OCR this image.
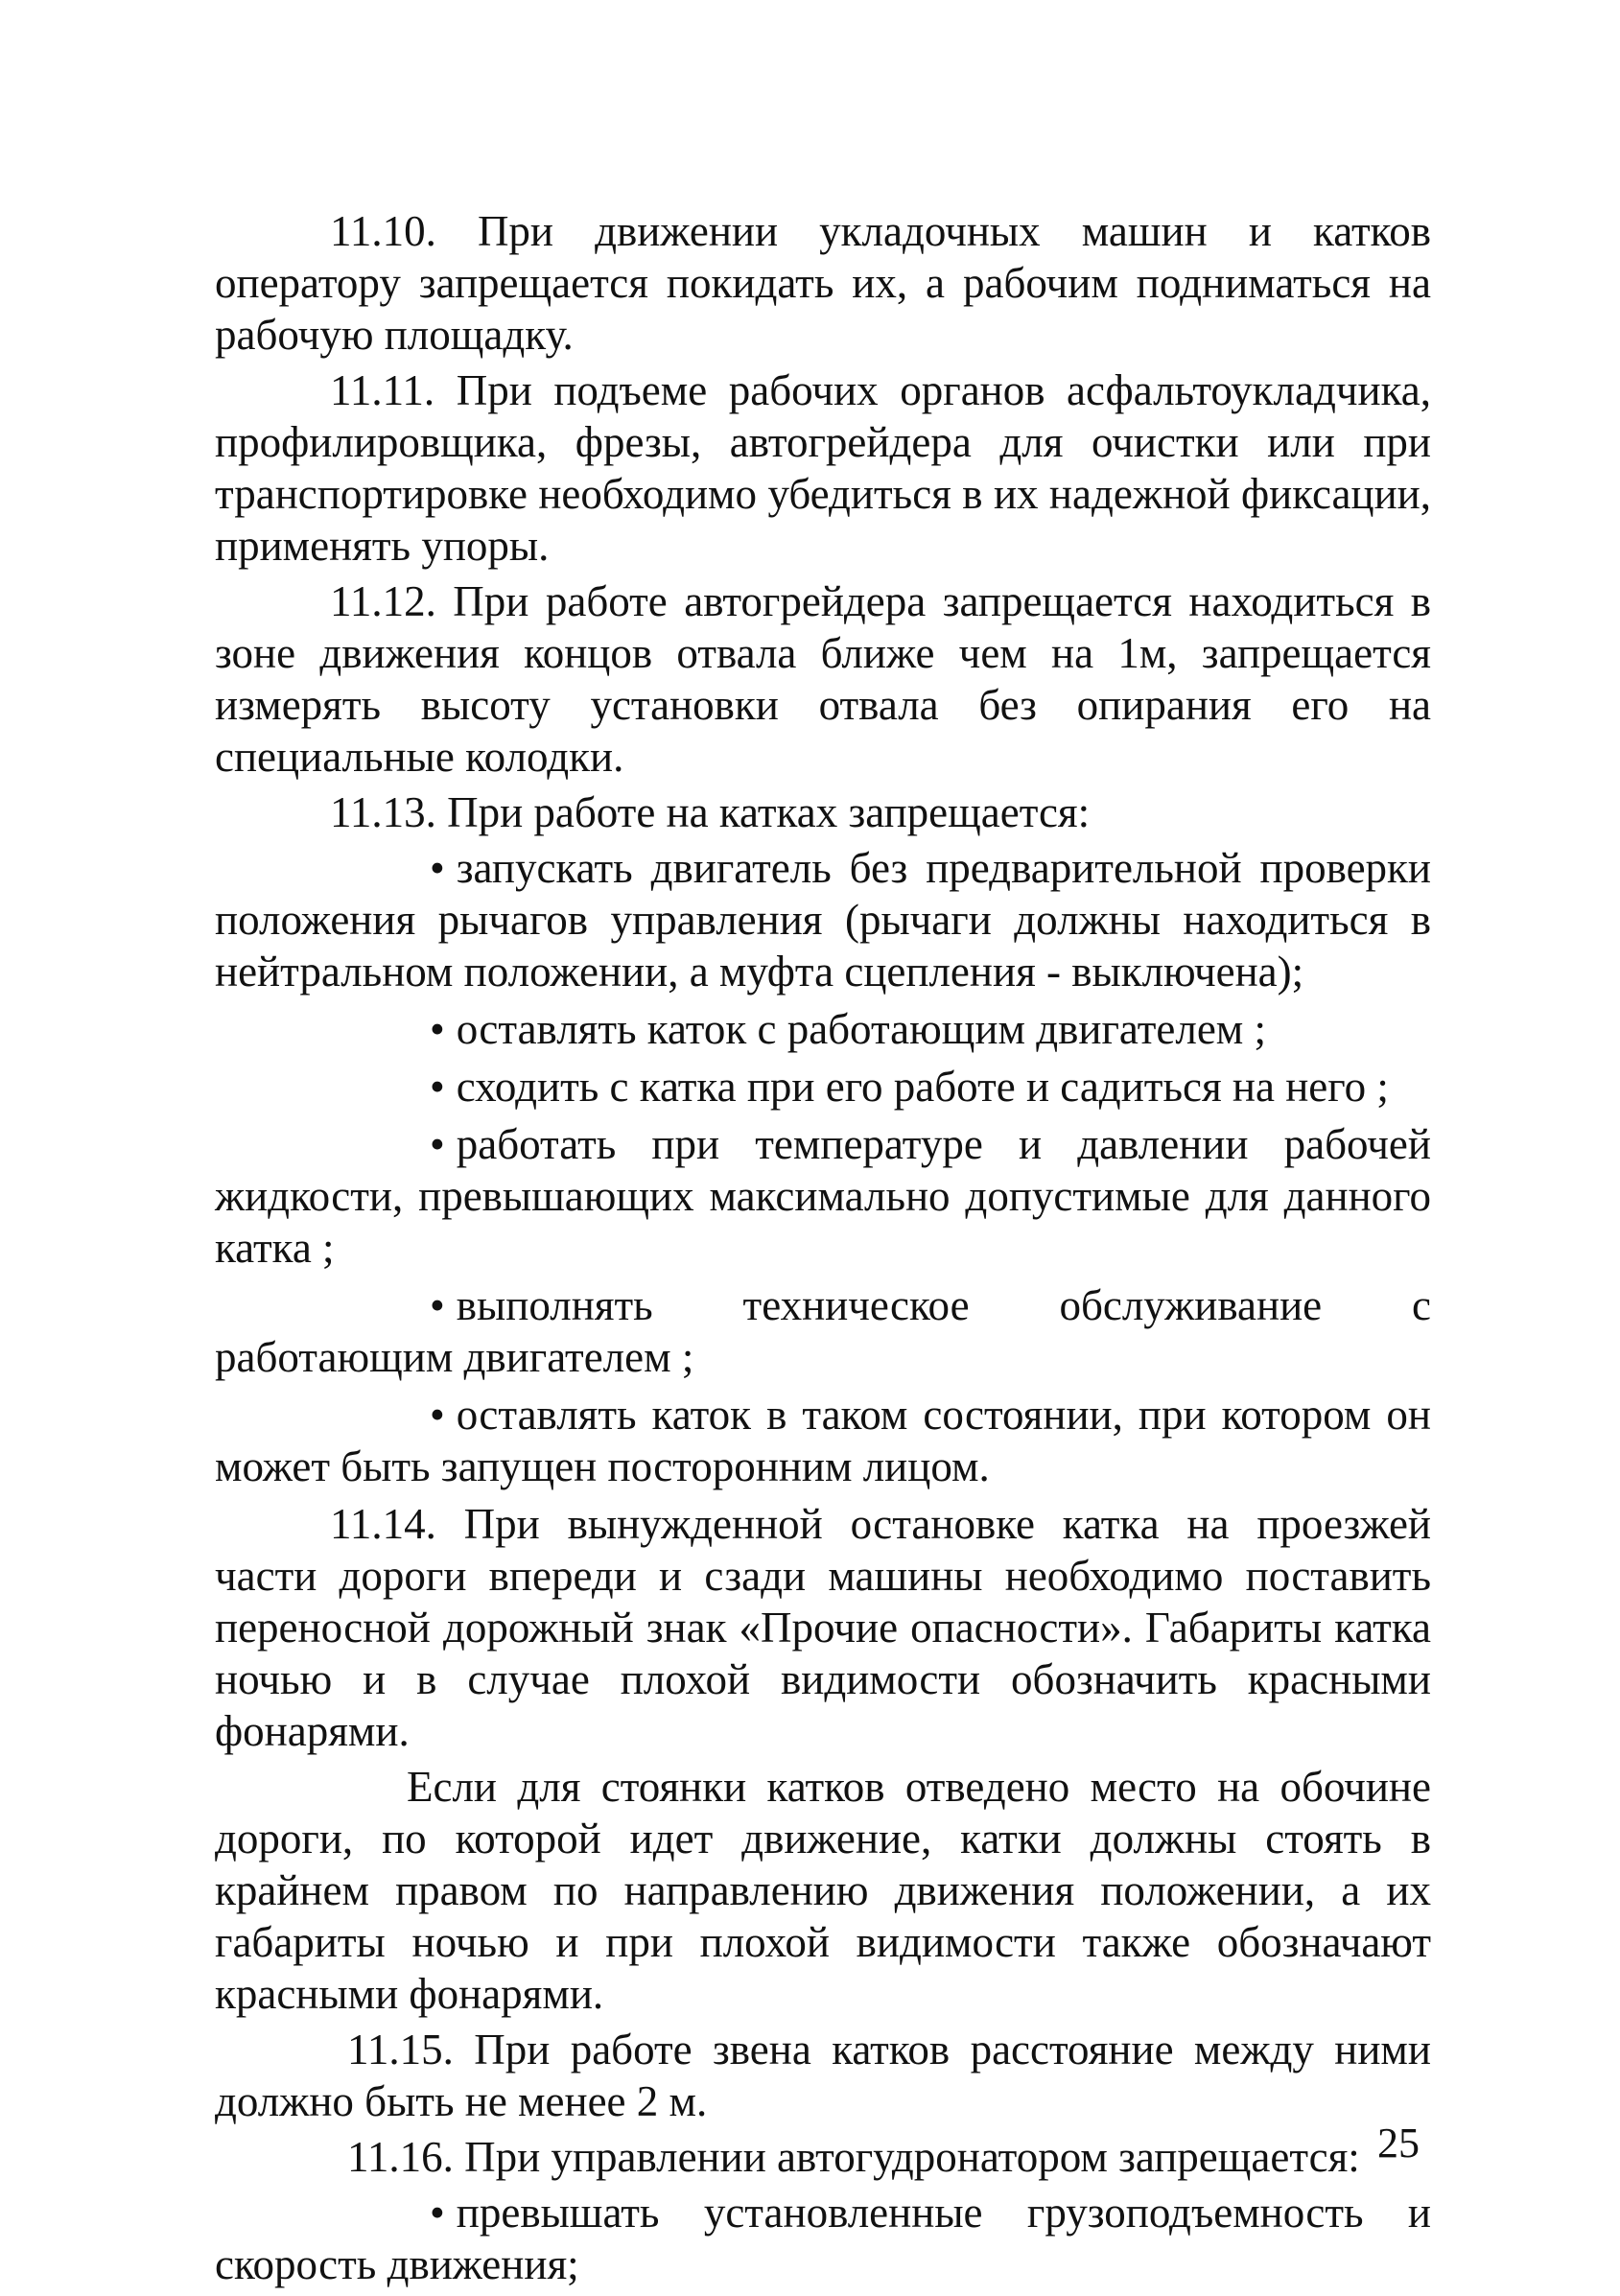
11.10. При движении укладочных машин и катков оператору запрещается покидать их, а рабочим подниматься на рабочую площадку.

11.11. При подъеме рабочих органов асфальтоукладчика, профилировщика, фрезы, автогрейдера для очистки или при транспортировке необходимо убедиться в их надежной фиксации, применять упоры.

11.12. При работе автогрейдера запрещается находиться в зоне движения концов отвала ближе чем на 1м, запрещается измерять высоту установки отвала без опирания его на специальные колодки.

11.13. При работе на катках запрещается:

• запускать двигатель без предварительной проверки положения рычагов управления (рычаги должны находиться в нейтральном положении, а муфта сцепления - выключена);

• оставлять каток с работающим двигателем ;

• сходить с катка при его работе и садиться на него ;

• работать при температуре и давлении рабочей жидкости, превышающих максимально допустимые для данного катка ;

• выполнять техническое обслуживание с работающим двигателем ;

• оставлять каток в таком состоянии, при котором он может быть запущен посторонним лицом.

11.14. При вынужденной остановке катка на проезжей части дороги впереди и сзади машины необходимо поставить переносной дорожный знак «Прочие опасности». Габариты катка ночью и в случае плохой видимости обозначить красными фонарями.

Если для стоянки катков отведено место на обочине дороги, по которой идет движение, катки должны стоять в крайнем правом по направлению движения положении, а их габариты ночью и при плохой видимости также обозначают красными фонарями.

11.15. При работе звена катков расстояние между ними должно быть не менее 2 м.

11.16. При управлении автогудронатором запрещается:

• превышать установленные грузоподъемность и скорость движения;

25
